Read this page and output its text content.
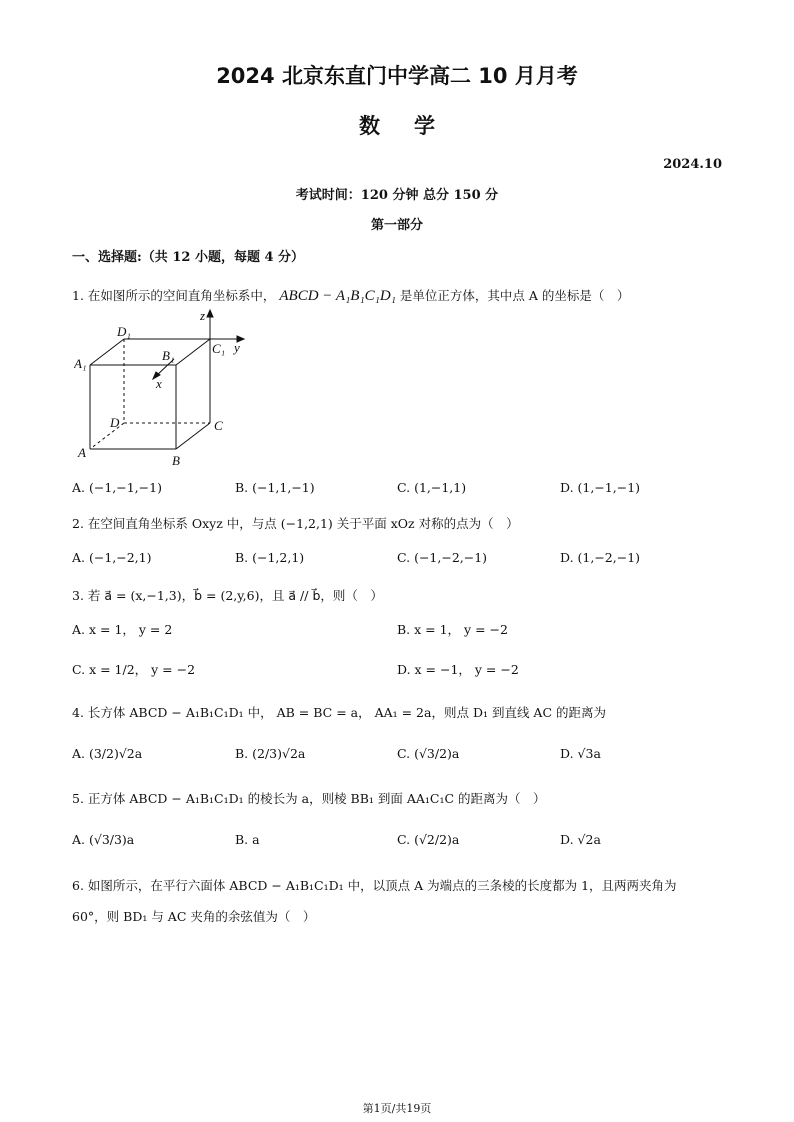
2024 北京东直门中学高二 10 月月考
数学
2024.10
考试时间：120 分钟 总分 150 分
第一部分
一、选择题:（共 12 小题，每题 4 分）
1. 在如图所示的空间直角坐标系中， ABCD − A₁B₁C₁D₁ 是单位正方体，其中点 A 的坐标是（　）
D₁
z
y
A₁
B₁	C₁
x
D	C
A
B
A. (−1,−1,−1)	B. (−1,1,−1)	C. (1,−1,1)	D. (1,−1,−1)
2. 在空间直角坐标系 Oxyz 中，与点 (−1,2,1) 关于平面 xOz 对称的点为（　）
A. (−1,−2,1)	B. (−1,2,1)	C. (−1,−2,−1)	D. (1,−2,−1)
3. 若 a⃗ = (x,−1,3)，b⃗ = (2,y,6)，且 a⃗ // b⃗，则（　）
A. x = 1， y = 2	B. x = 1， y = −2
C. x = 1/2， y = −2	D. x = −1， y = −2
4. 长方体 ABCD − A₁B₁C₁D₁ 中， AB = BC = a， AA₁ = 2a，则点 D₁ 到直线 AC 的距离为
A. (3/2)√2a	B. (2/3)√2a	C. (√3/2)a	D. √3a
5. 正方体 ABCD − A₁B₁C₁D₁ 的棱长为 a，则棱 BB₁ 到面 AA₁C₁C 的距离为（　）
A. (√3/3)a	B. a	C. (√2/2)a	D. √2a
6. 如图所示，在平行六面体 ABCD − A₁B₁C₁D₁ 中，以顶点 A 为端点的三条棱的长度都为 1，且两两夹角为
60°，则 BD₁ 与 AC 夹角的余弦值为（　）
第1页/共19页
